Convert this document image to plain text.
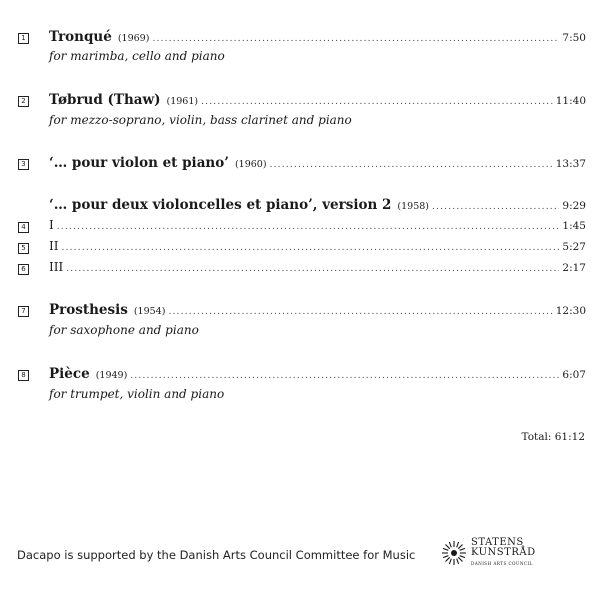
1 Tronqué (1969) .....	7:50
for marimba, cello and piano
2 Tøbrud (Thaw) (1961) .....	11:40
for mezzo-soprano, violin, bass clarinet and piano
3 ‘… pour violon et piano’ (1960) .....	13:37
‘… pour deux violoncelles et piano’, version 2 (1958) .....	9:29
4 I .....	1:45
5 II .....	5:27
6 III .....	2:17
7 Prosthesis (1954) .....	12:30
for saxophone and piano
8 Pièce (1949) .....	6:07
for trumpet, violin and piano
Total: 61:12
Dacapo is supported by the Danish Arts Council Committee for Music
STATENS
KUNSTRÅD
DANISH ARTS COUNCIL
